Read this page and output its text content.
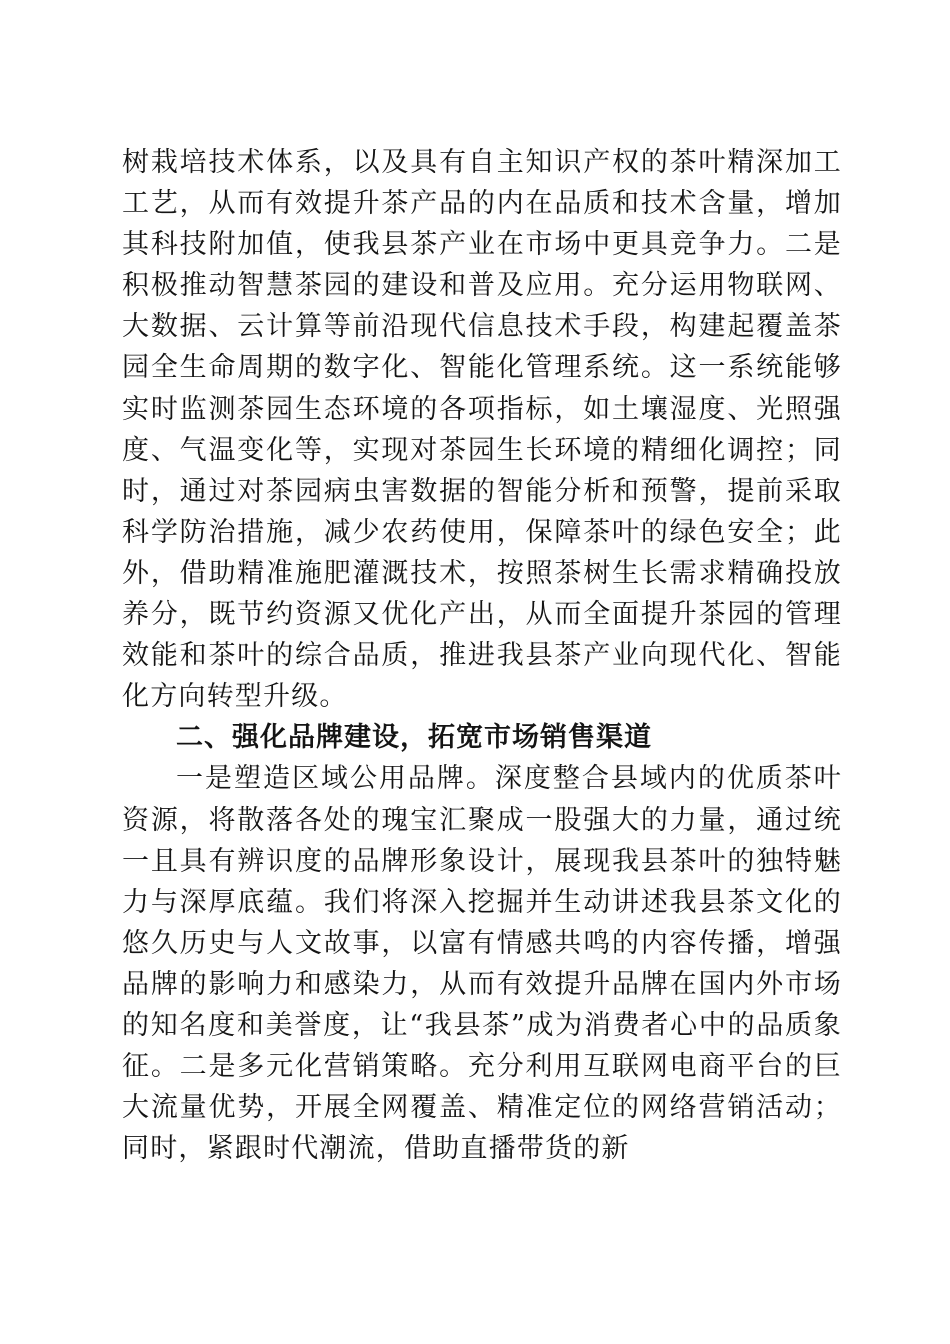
树栽培技术体系，以及具有自主知识产权的茶叶精深加工工艺，从而有效提升茶产品的内在品质和技术含量，增加其科技附加值，使我县茶产业在市场中更具竞争力。二是积极推动智慧茶园的建设和普及应用。充分运用物联网、大数据、云计算等前沿现代信息技术手段，构建起覆盖茶园全生命周期的数字化、智能化管理系统。这一系统能够实时监测茶园生态环境的各项指标，如土壤湿度、光照强度、气温变化等，实现对茶园生长环境的精细化调控；同时，通过对茶园病虫害数据的智能分析和预警，提前采取科学防治措施，减少农药使用，保障茶叶的绿色安全；此外，借助精准施肥灌溉技术，按照茶树生长需求精确投放养分，既节约资源又优化产出，从而全面提升茶园的管理效能和茶叶的综合品质，推进我县茶产业向现代化、智能化方向转型升级。

二、强化品牌建设，拓宽市场销售渠道

一是塑造区域公用品牌。深度整合县域内的优质茶叶资源，将散落各处的瑰宝汇聚成一股强大的力量，通过统一且具有辨识度的品牌形象设计，展现我县茶叶的独特魅力与深厚底蕴。我们将深入挖掘并生动讲述我县茶文化的悠久历史与人文故事，以富有情感共鸣的内容传播，增强品牌的影响力和感染力，从而有效提升品牌在国内外市场的知名度和美誉度，让“我县茶”成为消费者心中的品质象征。二是多元化营销策略。充分利用互联网电商平台的巨大流量优势，开展全网覆盖、精准定位的网络营销活动；同时，紧跟时代潮流，借助直播带货的新
